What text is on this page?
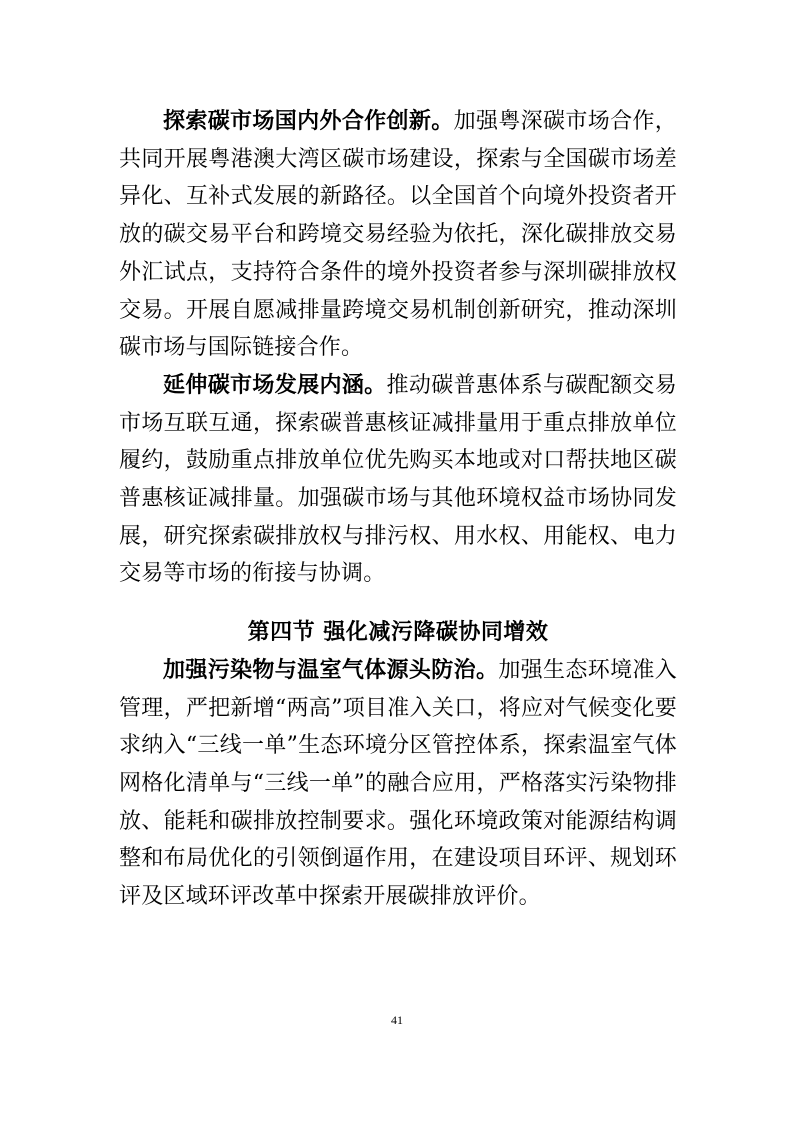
探索碳市场国内外合作创新。加强粤深碳市场合作，共同开展粤港澳大湾区碳市场建设，探索与全国碳市场差异化、互补式发展的新路径。以全国首个向境外投资者开放的碳交易平台和跨境交易经验为依托，深化碳排放交易外汇试点，支持符合条件的境外投资者参与深圳碳排放权交易。开展自愿减排量跨境交易机制创新研究，推动深圳碳市场与国际链接合作。

延伸碳市场发展内涵。推动碳普惠体系与碳配额交易市场互联互通，探索碳普惠核证减排量用于重点排放单位履约，鼓励重点排放单位优先购买本地或对口帮扶地区碳普惠核证减排量。加强碳市场与其他环境权益市场协同发展，研究探索碳排放权与排污权、用水权、用能权、电力交易等市场的衔接与协调。

第四节 强化减污降碳协同增效

加强污染物与温室气体源头防治。加强生态环境准入管理，严把新增“两高”项目准入关口，将应对气候变化要求纳入“三线一单”生态环境分区管控体系，探索温室气体网格化清单与“三线一单”的融合应用，严格落实污染物排放、能耗和碳排放控制要求。强化环境政策对能源结构调整和布局优化的引领倒逼作用，在建设项目环评、规划环评及区域环评改革中探索开展碳排放评价。

41
